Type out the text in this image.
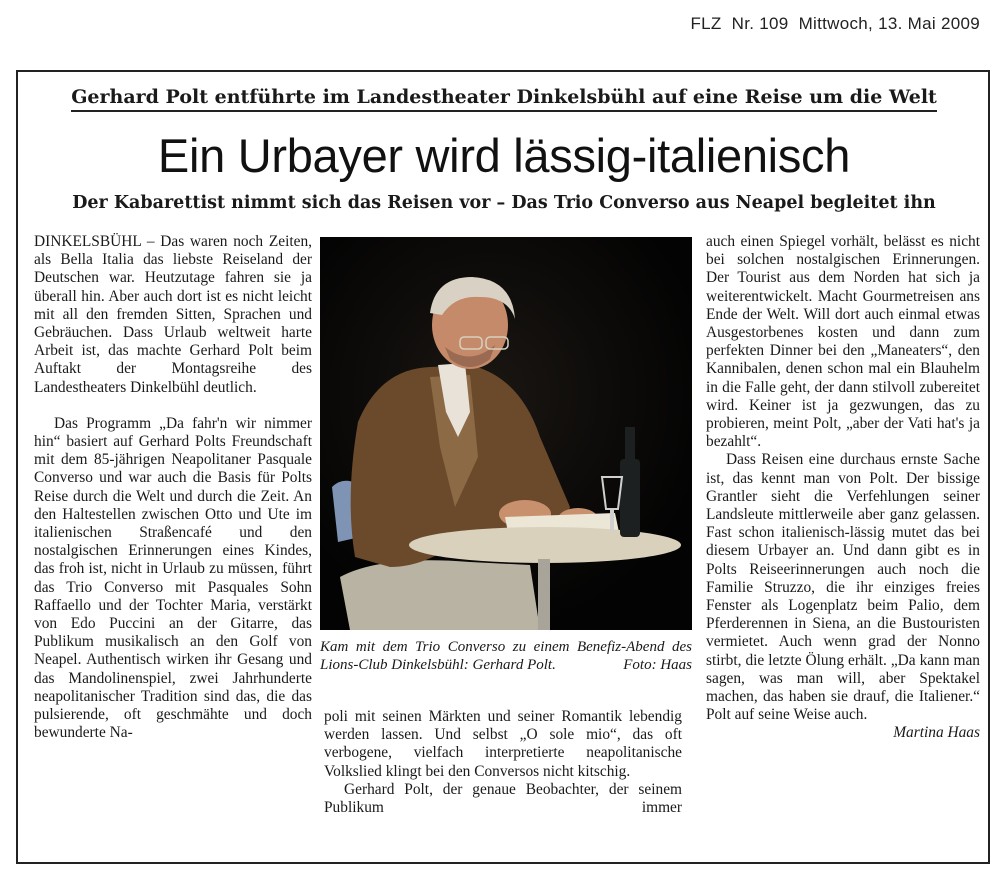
FLZ  Nr. 109  Mittwoch, 13. Mai 2009
Gerhard Polt entführte im Landestheater Dinkelsbühl auf eine Reise um die Welt
Ein Urbayer wird lässig-italienisch
Der Kabarettist nimmt sich das Reisen vor – Das Trio Converso aus Neapel begleitet ihn

DINKELSBÜHL – Das waren noch Zeiten, als Bella Italia das liebste Reiseland der Deutschen war. Heutzutage fahren sie ja überall hin. Aber auch dort ist es nicht leicht mit all den fremden Sitten, Sprachen und Gebräuchen. Dass Urlaub weltweit harte Arbeit ist, das machte Gerhard Polt beim Auftakt der Montagsreihe des Landestheaters Dinkelbühl deutlich.

Das Programm „Da fahr'n wir nimmer hin“ basiert auf Gerhard Polts Freundschaft mit dem 85-jährigen Neapolitaner Pasquale Converso und war auch die Basis für Polts Reise durch die Welt und durch die Zeit. An den Haltestellen zwischen Otto und Ute im italienischen Straßencafé und den nostalgischen Erinnerungen eines Kindes, das froh ist, nicht in Urlaub zu müssen, führt das Trio Converso mit Pasquales Sohn Raffaello und der Tochter Maria, verstärkt von Edo Puccini an der Gitarre, das Publikum musikalisch an den Golf von Neapel. Authentisch wirken ihr Gesang und das Mandolinenspiel, zwei Jahrhunderte neapolitanischer Tradition sind das, die das pulsierende, oft geschmähte und doch bewunderte Na-

Kam mit dem Trio Converso zu einem Benefiz-Abend des Lions-Club Dinkelsbühl: Gerhard Polt.	Foto: Haas

poli mit seinen Märkten und seiner Romantik lebendig werden lassen. Und selbst „O sole mio“, das oft verbogene, vielfach interpretierte neapolitanische Volkslied klingt bei den Conversos nicht kitschig.

Gerhard Polt, der genaue Beobachter, der seinem Publikum immer

auch einen Spiegel vorhält, belässt es nicht bei solchen nostalgischen Erinnerungen. Der Tourist aus dem Norden hat sich ja weiterentwickelt. Macht Gourmetreisen ans Ende der Welt. Will dort auch einmal etwas Ausgestorbenes kosten und dann zum perfekten Dinner bei den „Maneaters“, den Kannibalen, denen schon mal ein Blauhelm in die Falle geht, der dann stilvoll zubereitet wird. Keiner ist ja gezwungen, das zu probieren, meint Polt, „aber der Vati hat's ja bezahlt“.

Dass Reisen eine durchaus ernste Sache ist, das kennt man von Polt. Der bissige Grantler sieht die Verfehlungen seiner Landsleute mittlerweile aber ganz gelassen. Fast schon italienisch-lässig mutet das bei diesem Urbayer an. Und dann gibt es in Polts Reiseerinnerungen auch noch die Familie Struzzo, die ihr einziges freies Fenster als Logenplatz beim Palio, dem Pferderennen in Siena, an die Bustouristen vermietet. Auch wenn grad der Nonno stirbt, die letzte Ölung erhält. „Da kann man sagen, was man will, aber Spektakel machen, das haben sie drauf, die Italiener.“ Polt auf seine Weise auch.

Martina Haas
